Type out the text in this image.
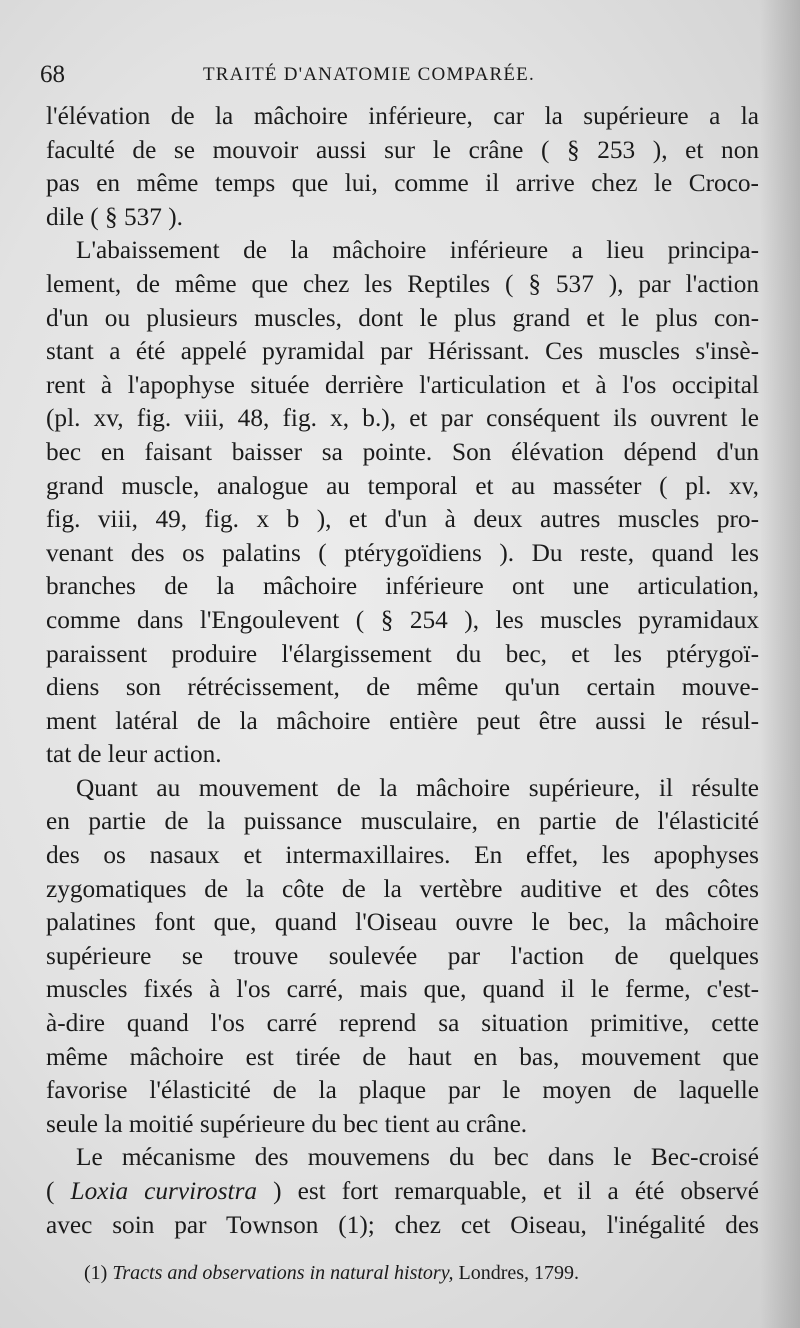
68	TRAITÉ D'ANATOMIE COMPARÉE.
l'élévation de la mâchoire inférieure, car la supérieure a la
faculté de se mouvoir aussi sur le crâne ( § 253 ), et non
pas en même temps que lui, comme il arrive chez le Croco-
dile ( § 537 ).
L'abaissement de la mâchoire inférieure a lieu principa-
lement, de même que chez les Reptiles ( § 537 ), par l'action
d'un ou plusieurs muscles, dont le plus grand et le plus con-
stant a été appelé pyramidal par Hérissant. Ces muscles s'insè-
rent à l'apophyse située derrière l'articulation et à l'os occipital
(pl. xv, fig. viii, 48, fig. x, b.), et par conséquent ils ouvrent le
bec en faisant baisser sa pointe. Son élévation dépend d'un
grand muscle, analogue au temporal et au masséter ( pl. xv,
fig. viii, 49, fig. x b ), et d'un à deux autres muscles pro-
venant des os palatins ( ptérygoïdiens ). Du reste, quand les
branches de la mâchoire inférieure ont une articulation,
comme dans l'Engoulevent ( § 254 ), les muscles pyramidaux
paraissent produire l'élargissement du bec, et les ptérygoï-
diens son rétrécissement, de même qu'un certain mouve-
ment latéral de la mâchoire entière peut être aussi le résul-
tat de leur action.
Quant au mouvement de la mâchoire supérieure, il résulte
en partie de la puissance musculaire, en partie de l'élasticité
des os nasaux et intermaxillaires. En effet, les apophyses
zygomatiques de la côte de la vertèbre auditive et des côtes
palatines font que, quand l'Oiseau ouvre le bec, la mâchoire
supérieure se trouve soulevée par l'action de quelques
muscles fixés à l'os carré, mais que, quand il le ferme, c'est-
à-dire quand l'os carré reprend sa situation primitive, cette
même mâchoire est tirée de haut en bas, mouvement que
favorise l'élasticité de la plaque par le moyen de laquelle
seule la moitié supérieure du bec tient au crâne.
Le mécanisme des mouvemens du bec dans le Bec-croisé
( Loxia curvirostra ) est fort remarquable, et il a été observé
avec soin par Townson (1); chez cet Oiseau, l'inégalité des
(1) Tracts and observations in natural history, Londres, 1799.
